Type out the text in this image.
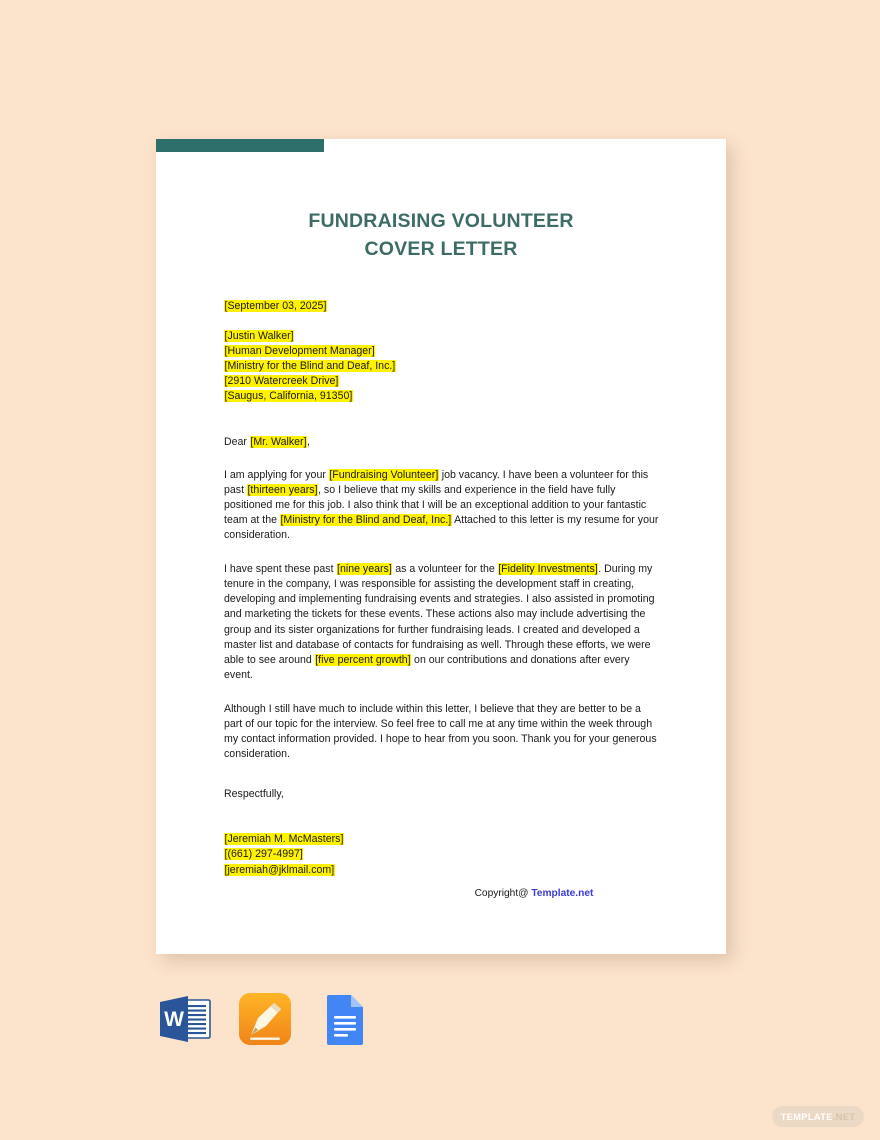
FUNDRAISING VOLUNTEER
COVER LETTER
[September 03, 2025]
[Justin Walker]
[Human Development Manager]
[Ministry for the Blind and Deaf, Inc.]
[2910 Watercreek Drive]
[Saugus, California, 91350]
Dear [Mr. Walker],

I am applying for your [Fundraising Volunteer] job vacancy. I have been a volunteer for this past [thirteen years], so I believe that my skills and experience in the field have fully positioned me for this job. I also think that I will be an exceptional addition to your fantastic team at the [Ministry for the Blind and Deaf, Inc.] Attached to this letter is my resume for your consideration.

I have spent these past [nine years] as a volunteer for the [Fidelity Investments]. During my tenure in the company, I was responsible for assisting the development staff in creating, developing and implementing fundraising events and strategies. I also assisted in promoting and marketing the tickets for these events. These actions also may include advertising the group and its sister organizations for further fundraising leads. I created and developed a master list and database of contacts for fundraising as well. Through these efforts, we were able to see around [five percent growth] on our contributions and donations after every event.

Although I still have much to include within this letter, I believe that they are better to be a part of our topic for the interview. So feel free to call me at any time within the week through my contact information provided. I hope to hear from you soon. Thank you for your generous consideration.

Respectfully,
[Jeremiah M. McMasters]
[(661) 297-4997]
[jeremiah@jklmail.com]
Copyright@ Template.net
W
TEMPLATE .NET
